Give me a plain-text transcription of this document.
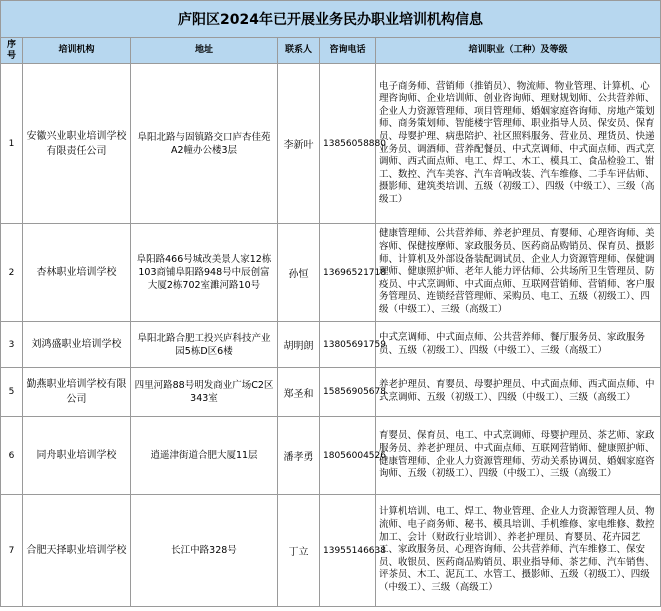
庐阳区2024年已开展业务民办职业培训机构信息					
序号	培训机构	地址	联系人	咨询电话	培训职业（工种）及等级
1	安徽兴业职业培训学校有限责任公司	阜阳北路与固镇路交口庐杏佳苑A2幢办公楼3层	李新叶	13856058880	电子商务师、营销师（推销员）、物流师、物业管理、计算机、心理咨询师、企业培训师、创业咨询师、理财规划师、公共营养师、企业人力资源管理师、项目管理师、婚姻家庭咨询师、房地产策划师、商务策划师、智能楼宇管理师、职业指导人员、保安员、保育员、母婴护理、病患陪护、社区照料服务、营业员、理货员、快递业务员、调酒师、营养配餐员、中式烹调师、中式面点师、西式烹调师、西式面点师、电工、焊工、木工、模具工、食品检验工、钳工、数控、汽车美容、汽车音响改装、汽车维修、二手车评估师、摄影师、建筑类培训、五级（初级工）、四级（中级工）、三级（高级工）
2	杏林职业培训学校	阜阳路466号城改美景人家12栋103商铺阜阳路948号中辰创富大厦2栋702室濉河路10号	孙恒	13696521718	健康管理师、公共营养师、养老护理员、育婴师、心理咨询师、美容师、保健按摩师、家政服务员、医药商品购销员、保育员、摄影师、计算机及外部设备装配调试员、企业人力资源管理师、保健调理师、健康照护师、老年人能力评估师、公共场所卫生管理员、防疫员、中式烹调师、中式面点师、互联网营销师、营销师、客户服务管理员、连锁经营管理师、采购员、电工、五级（初级工）、四级（中级工）、三级（高级工）
3	刘鸿盛职业培训学校	阜阳北路合肥工投兴庐科技产业园5栋D区6楼	胡明朗	13805691759	中式烹调师、中式面点师、公共营养师、餐厅服务员、家政服务员、五级（初级工）、四级（中级工）、三级（高级工）
5	勤燕职业培训学校有限公司	四里河路88号明发商业广场C2区343室	郑圣和	15856905678	养老护理员、育婴员、母婴护理员、中式面点师、西式面点师、中式烹调师、五级（初级工）、四级（中级工）、三级（高级工）
6	同舟职业培训学校	逍遥津街道合肥大厦11层	潘孝勇	18056004526	育婴员、保育员、电工、中式烹调师、母婴护理员、茶艺师、家政服务员、养老护理员、中式面点师、互联网营销师、健康照护师、健康管理师、企业人力资源管理师、劳动关系协调员、婚姻家庭咨询师、五级（初级工）、四级（中级工）、三级（高级工）
7	合肥天择职业培训学校	长江中路328号	丁立	13955146638	计算机培训、电工、焊工、物业管理、企业人力资源管理人员、物流师、电子商务师、秘书、模具培训、手机维修、家电维修、数控加工、会计（财政行业培训）、养老护理员、育婴员、花卉园艺工、家政服务员、心理咨询师、公共营养师、汽车维修工、保安员、收银员、医药商品购销员、职业指导师、茶艺师、汽车销售、评茶员、木工、泥瓦工、水管工、摄影师、五级（初级工）、四级（中级工）、三级（高级工）
